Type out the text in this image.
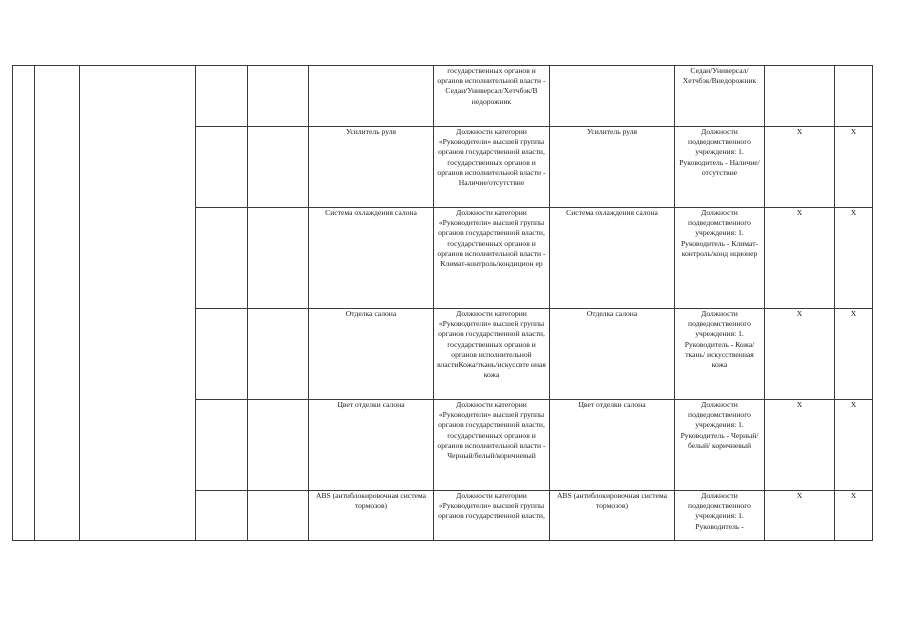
						государственных органов и органов исполнительной власти - Седан/Универсал/Хетчбэк/В недорожник		Седан/Универсал/ Хетчбэк/Внедорожник		
					Усилитель руля	Должности категории «Руководители» высшей группы органов государственной власти, государственных органов и органов исполнительной власти - Наличие/отсутствие	Усилитель руля	Должности подведомственного учреждения: 1. Руководитель - Наличие/отсутствие	X	X
					Система охлаждения салона	Должности категории «Руководители» высшей группы органов государственной власти, государственных органов и органов исполнительной власти - Климат-контроль/кондицион ер	Система охлаждения салона	Должности подведомственного учреждения: 1. Руководитель - Климат-контроль/конд иционер	X	X
					Отделка салона	Должности категории «Руководители» высшей группы органов государственной власти, государственных органов и органов исполнительной властиКожа/ткань/искуссвте нная кожа	Отделка салона	Должности подведомственного учреждения: 1. Руководитель - Кожа/ткань/ искусственная кожа	X	X
					Цвет отделки салона	Должности категории «Руководители» высшей группы органов государственной власти, государственных органов и органов исполнительной власти - Черный/белый/коричневый	Цвет отделки салона	Должности подведомственного учреждения: 1. Руководитель - Черный/белый/ коричневый	X	X
					ABS (антиблокировочная система тормозов)	Должности категории «Руководители» высшей группы органов государственной власти,	ABS (антиблокировочная система тормозов)	Должности подведомственного учреждения: 1. Руководитель -	X	X
